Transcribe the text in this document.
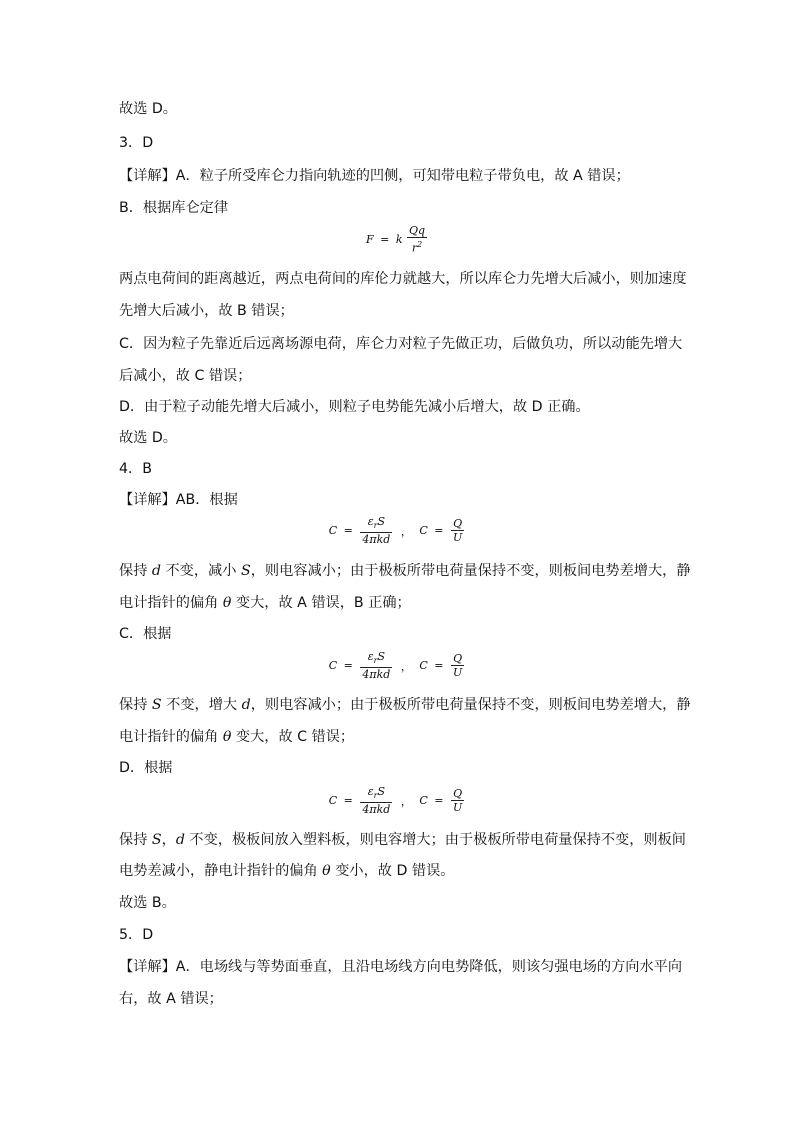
故选 D。
3．D
【详解】A．粒子所受库仑力指向轨迹的凹侧，可知带电粒子带负电，故 A 错误；
B．根据库仑定律
F = k $\frac{Qq}{r^2}$
两点电荷间的距离越近，两点电荷间的库伦力就越大，所以库仑力先增大后减小，则加速度
先增大后减小，故 B 错误；
C．因为粒子先靠近后远离场源电荷，库仑力对粒子先做正功，后做负功，所以动能先增大
后减小，故 C 错误；
D．由于粒子动能先增大后减小，则粒子电势能先减小后增大，故 D 正确。
故选 D。
4．B
【详解】AB．根据
$C = \frac{\varepsilon_rS}{\text{4πkd}}$ ， $C = \frac{Q}{U}$
保持 d 不变，减小 S，则电容减小；由于极板所带电荷量保持不变，则板间电势差增大，静
电计指针的偏角 θ 变大，故 A 错误，B 正确；
C．根据
$C = \frac{\varepsilon_rS}{\text{4πkd}}$ ， $C = \frac{Q}{U}$
保持 S 不变，增大 d，则电容减小；由于极板所带电荷量保持不变，则板间电势差增大，静
电计指针的偏角 θ 变大，故 C 错误；
D．根据
$C = \frac{\varepsilon_rS}{\text{4πkd}}$ ， $C = \frac{Q}{U}$
保持 S，d 不变，极板间放入塑料板，则电容增大；由于极板所带电荷量保持不变，则板间
电势差减小，静电计指针的偏角 θ 变小，故 D 错误。
故选 B。
5．D
【详解】A．电场线与等势面垂直，且沿电场线方向电势降低，则该匀强电场的方向水平向
右，故 A 错误；
